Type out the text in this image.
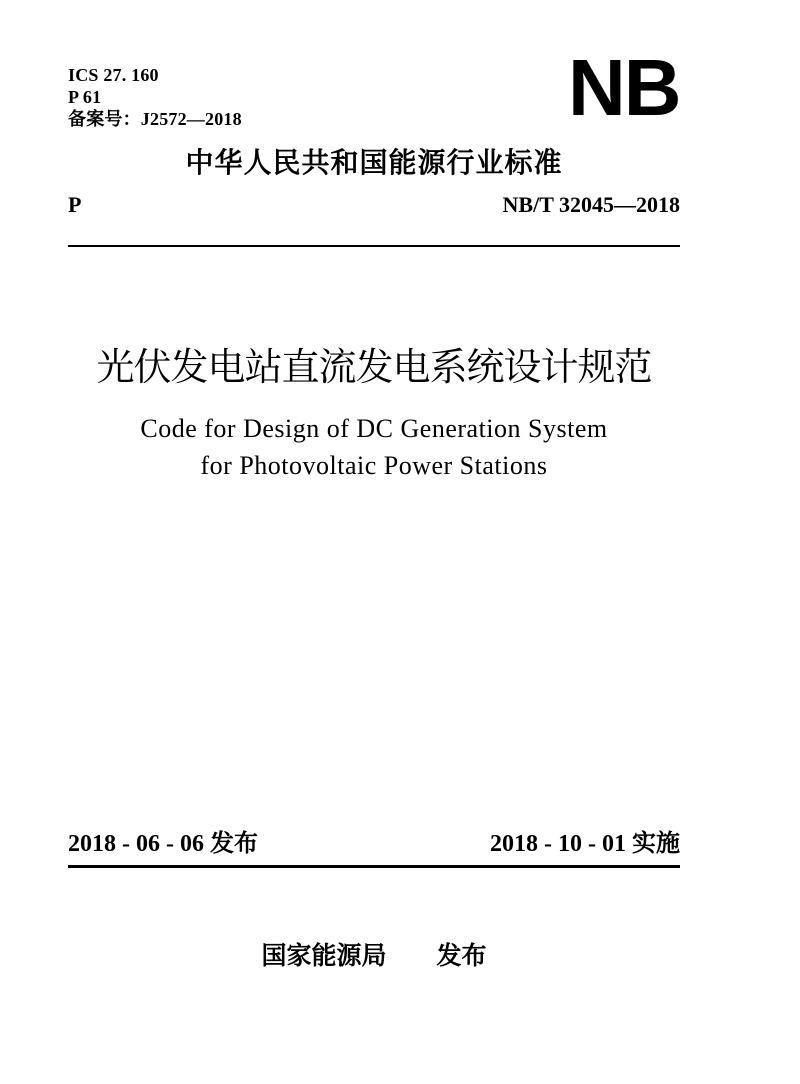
ICS 27. 160
P 61
备案号：J2572—2018	NB
中华人民共和国能源行业标准
P	NB/T 32045—2018
光伏发电站直流发电系统设计规范
Code for Design of DC Generation System
for Photovoltaic Power Stations
2018 - 06 - 06 发布	2018 - 10 - 01 实施
国家能源局 发布
